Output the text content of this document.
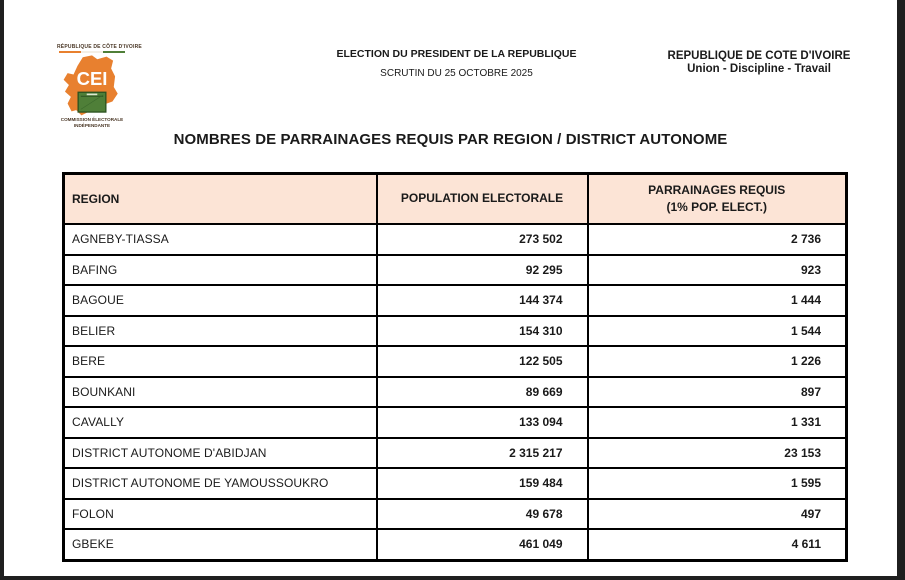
RÉPUBLIQUE DE CÔTE D'IVOIRE
CEI
COMMISSION ÉLECTORALE
INDÉPENDANTE
ELECTION DU PRESIDENT DE LA REPUBLIQUE
SCRUTIN DU 25 OCTOBRE 2025
REPUBLIQUE DE COTE D'IVOIRE
Union - Discipline - Travail
NOMBRES DE PARRAINAGES REQUIS PAR REGION / DISTRICT AUTONOME
REGION	POPULATION ELECTORALE	PARRAINAGES REQUIS
(1% POP. ELECT.)

AGNEBY-TIASSA	273 502	2 736
BAFING	92 295	923
BAGOUE	144 374	1 444
BELIER	154 310	1 544
BERE	122 505	1 226
BOUNKANI	89 669	897
CAVALLY	133 094	1 331
DISTRICT AUTONOME D'ABIDJAN	2 315 217	23 153
DISTRICT AUTONOME DE YAMOUSSOUKRO	159 484	1 595
FOLON	49 678	497
GBEKE	461 049	4 611
